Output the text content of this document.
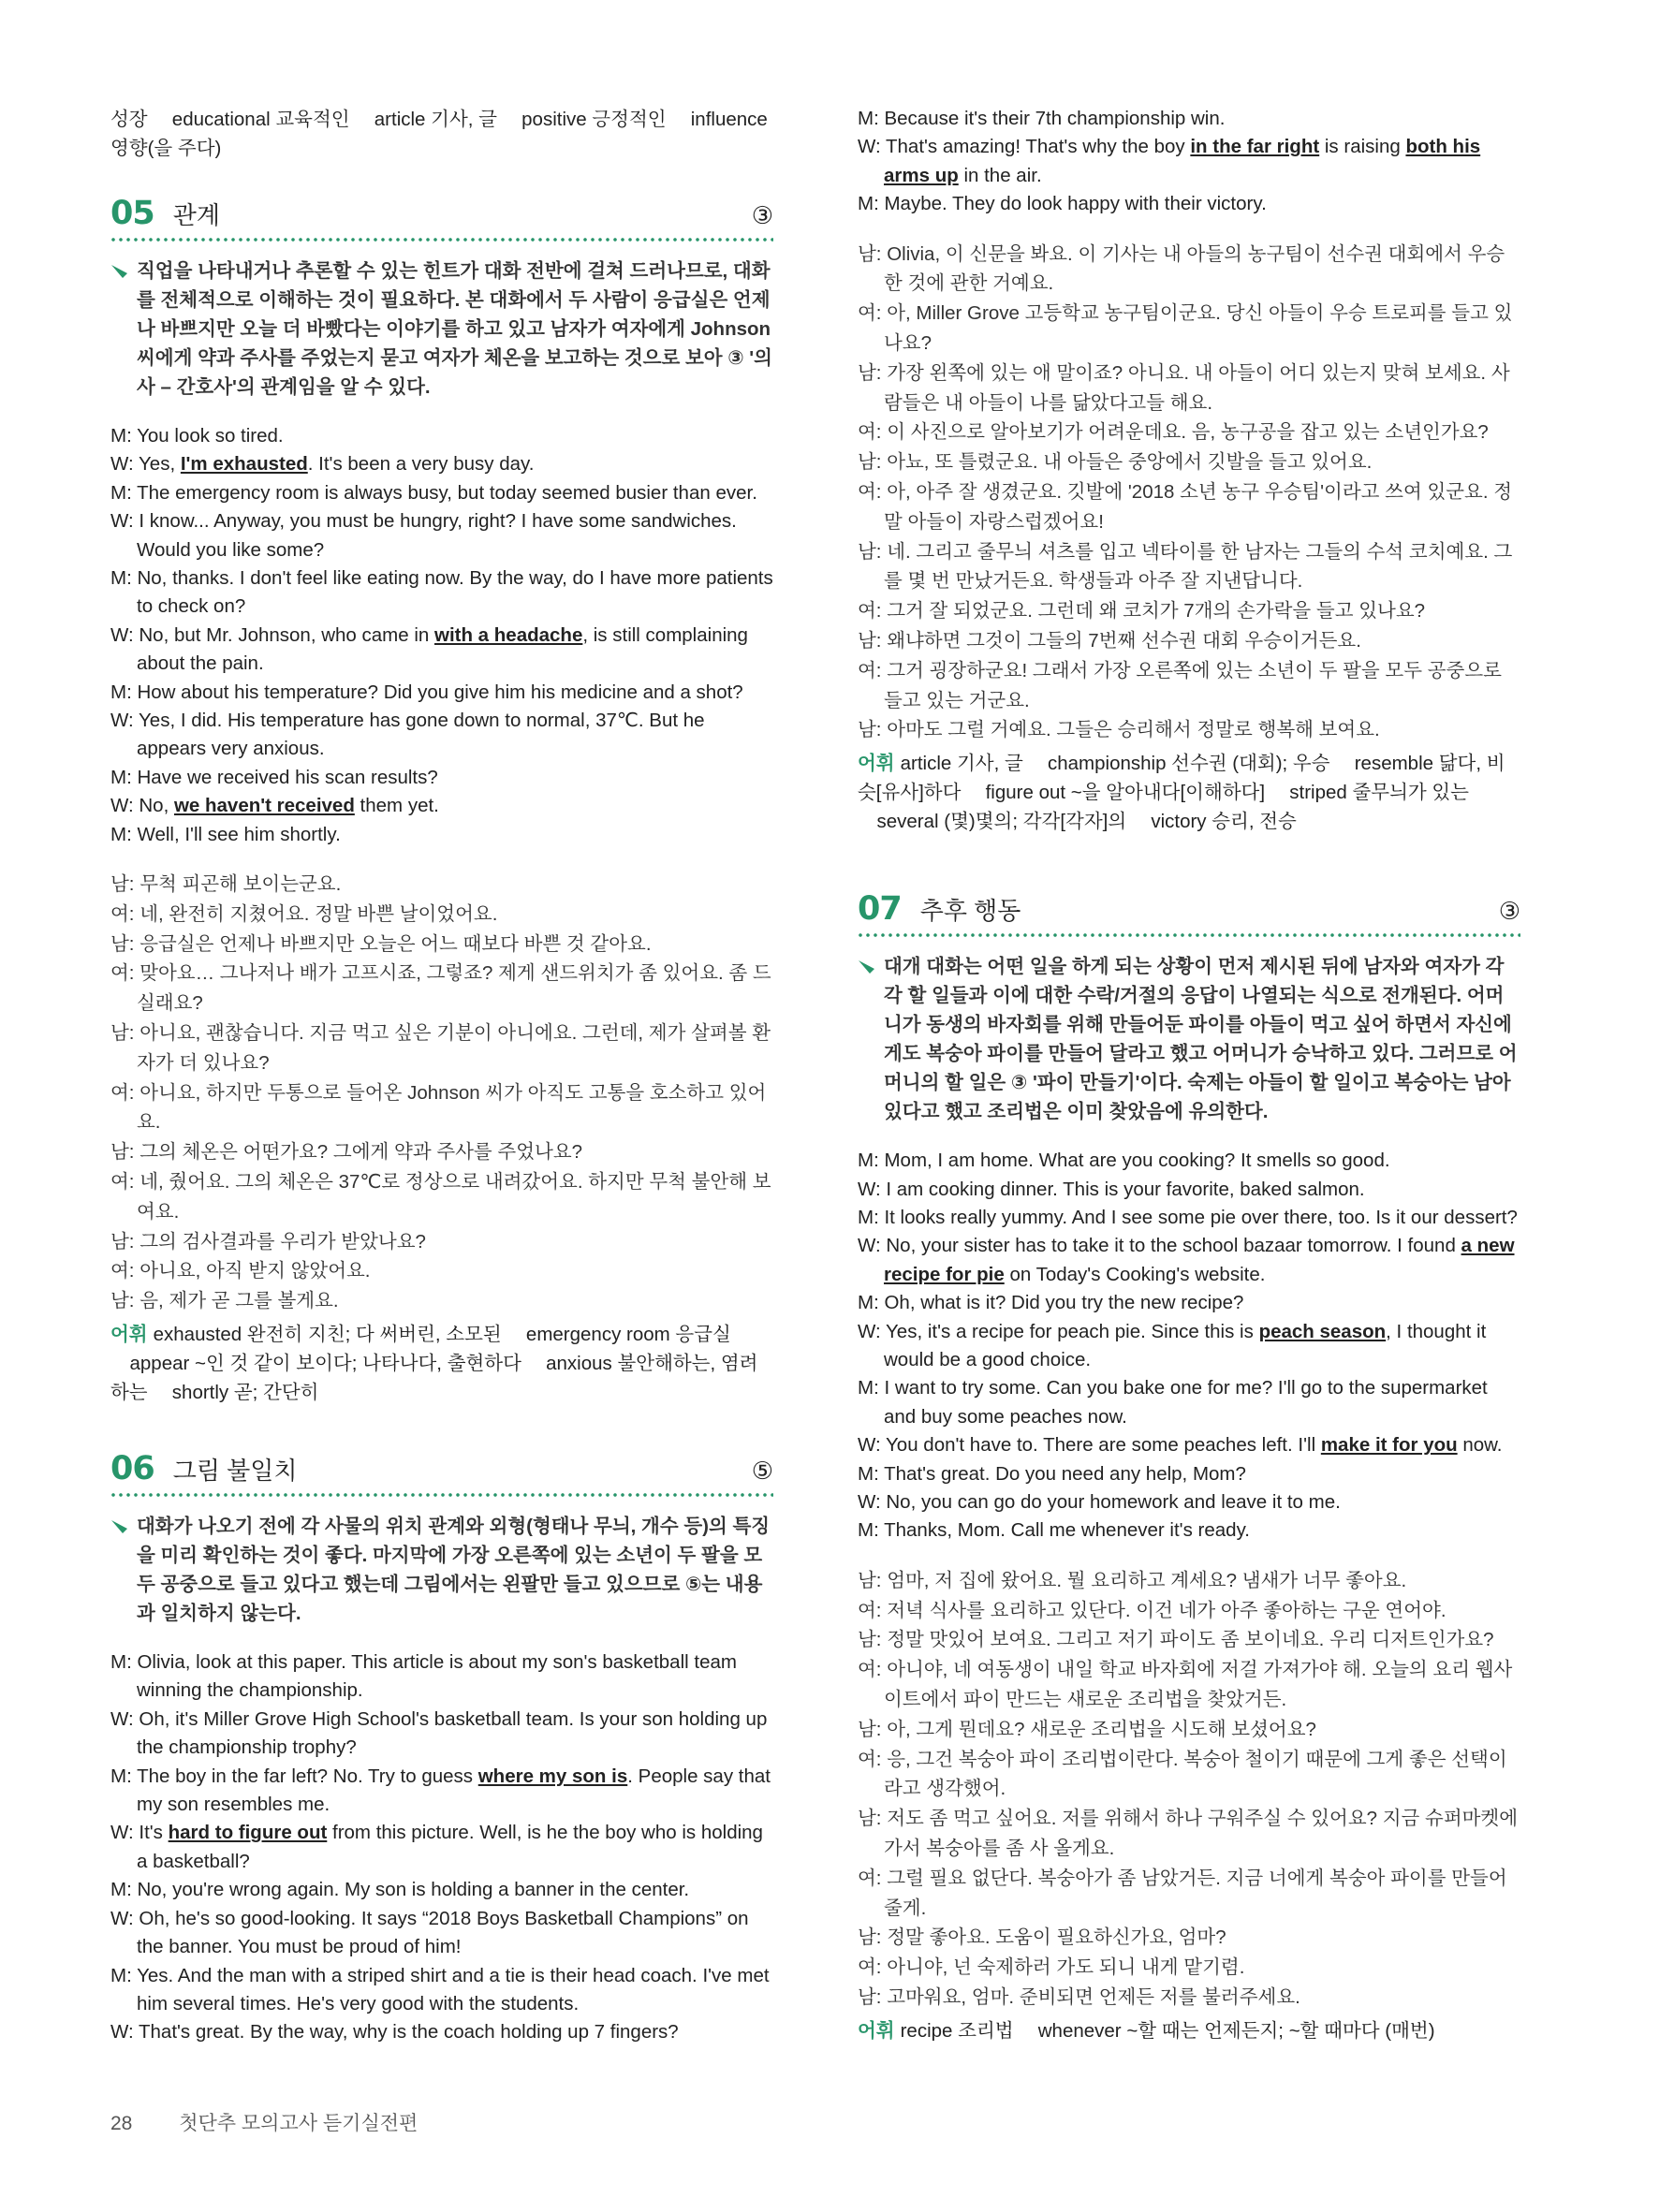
성장 　educational 교육적인 　article 기사, 글 　positive 긍정적인 　influence 영향(을 주다)

05 관계	③

직업을 나타내거나 추론할 수 있는 힌트가 대화 전반에 걸쳐 드러나므로, 대화를 전체적으로 이해하는 것이 필요하다. 본 대화에서 두 사람이 응급실은 언제나 바쁘지만 오늘 더 바빴다는 이야기를 하고 있고 남자가 여자에게 Johnson 씨에게 약과 주사를 주었는지 묻고 여자가 체온을 보고하는 것으로 보아 ③ '의사 – 간호사'의 관계임을 알 수 있다.

M: You look so tired.

W: Yes, I'm exhausted. It's been a very busy day.

M: The emergency room is always busy, but today seemed busier than ever.

W: I know... Anyway, you must be hungry, right? I have some sandwiches. Would you like some?

M: No, thanks. I don't feel like eating now. By the way, do I have more patients to check on?

W: No, but Mr. Johnson, who came in with a headache, is still complaining about the pain.

M: How about his temperature? Did you give him his medicine and a shot?

W: Yes, I did. His temperature has gone down to normal, 37℃. But he appears very anxious.

M: Have we received his scan results?

W: No, we haven't received them yet.

M: Well, I'll see him shortly.

남: 무척 피곤해 보이는군요.

여: 네, 완전히 지쳤어요. 정말 바쁜 날이었어요.

남: 응급실은 언제나 바쁘지만 오늘은 어느 때보다 바쁜 것 같아요.

여: 맞아요… 그나저나 배가 고프시죠, 그렇죠? 제게 샌드위치가 좀 있어요. 좀 드실래요?

남: 아니요, 괜찮습니다. 지금 먹고 싶은 기분이 아니에요. 그런데, 제가 살펴볼 환자가 더 있나요?

여: 아니요, 하지만 두통으로 들어온 Johnson 씨가 아직도 고통을 호소하고 있어요.

남: 그의 체온은 어떤가요? 그에게 약과 주사를 주었나요?

여: 네, 줬어요. 그의 체온은 37℃로 정상으로 내려갔어요. 하지만 무척 불안해 보여요.

남: 그의 검사결과를 우리가 받았나요?

여: 아니요, 아직 받지 않았어요.

남: 음, 제가 곧 그를 볼게요.

어휘 exhausted 완전히 지친; 다 써버린, 소모된 　emergency room 응급실 　appear ~인 것 같이 보이다; 나타나다, 출현하다 　anxious 불안해하는, 염려하는 　shortly 곧; 간단히

06 그림 불일치	⑤

대화가 나오기 전에 각 사물의 위치 관계와 외형(형태나 무늬, 개수 등)의 특징을 미리 확인하는 것이 좋다. 마지막에 가장 오른쪽에 있는 소년이 두 팔을 모두 공중으로 들고 있다고 했는데 그림에서는 왼팔만 들고 있으므로 ⑤는 내용과 일치하지 않는다.

M: Olivia, look at this paper. This article is about my son's basketball team winning the championship.

W: Oh, it's Miller Grove High School's basketball team. Is your son holding up the championship trophy?

M: The boy in the far left? No. Try to guess where my son is. People say that my son resembles me.

W: It's hard to figure out from this picture. Well, is he the boy who is holding a basketball?

M: No, you're wrong again. My son is holding a banner in the center.

W: Oh, he's so good-looking. It says “2018 Boys Basketball Champions” on the banner. You must be proud of him!

M: Yes. And the man with a striped shirt and a tie is their head coach. I've met him several times. He's very good with the students.

W: That's great. By the way, why is the coach holding up 7 fingers?

M: Because it's their 7th championship win.

W: That's amazing! That's why the boy in the far right is raising both his arms up in the air.

M: Maybe. They do look happy with their victory.

남: Olivia, 이 신문을 봐요. 이 기사는 내 아들의 농구팀이 선수권 대회에서 우승한 것에 관한 거예요.

여: 아, Miller Grove 고등학교 농구팀이군요. 당신 아들이 우승 트로피를 들고 있나요?

남: 가장 왼쪽에 있는 애 말이죠? 아니요. 내 아들이 어디 있는지 맞혀 보세요. 사람들은 내 아들이 나를 닮았다고들 해요.

여: 이 사진으로 알아보기가 어려운데요. 음, 농구공을 잡고 있는 소년인가요?

남: 아뇨, 또 틀렸군요. 내 아들은 중앙에서 깃발을 들고 있어요.

여: 아, 아주 잘 생겼군요. 깃발에 '2018 소년 농구 우승팀'이라고 쓰여 있군요. 정말 아들이 자랑스럽겠어요!

남: 네. 그리고 줄무늬 셔츠를 입고 넥타이를 한 남자는 그들의 수석 코치예요. 그를 몇 번 만났거든요. 학생들과 아주 잘 지낸답니다.

여: 그거 잘 되었군요. 그런데 왜 코치가 7개의 손가락을 들고 있나요?

남: 왜냐하면 그것이 그들의 7번째 선수권 대회 우승이거든요.

여: 그거 굉장하군요! 그래서 가장 오른쪽에 있는 소년이 두 팔을 모두 공중으로 들고 있는 거군요.

남: 아마도 그럴 거예요. 그들은 승리해서 정말로 행복해 보여요.

어휘 article 기사, 글 　championship 선수권 (대회); 우승 　resemble 닮다, 비슷[유사]하다 　figure out ~을 알아내다[이해하다] 　striped 줄무늬가 있는 　several (몇)몇의; 각각[각자]의 　victory 승리, 전승

07 추후 행동	③

대개 대화는 어떤 일을 하게 되는 상황이 먼저 제시된 뒤에 남자와 여자가 각각 할 일들과 이에 대한 수락/거절의 응답이 나열되는 식으로 전개된다. 어머니가 동생의 바자회를 위해 만들어둔 파이를 아들이 먹고 싶어 하면서 자신에게도 복숭아 파이를 만들어 달라고 했고 어머니가 승낙하고 있다. 그러므로 어머니의 할 일은 ③ '파이 만들기'이다. 숙제는 아들이 할 일이고 복숭아는 남아 있다고 했고 조리법은 이미 찾았음에 유의한다.

M: Mom, I am home. What are you cooking? It smells so good.

W: I am cooking dinner. This is your favorite, baked salmon.

M: It looks really yummy. And I see some pie over there, too. Is it our dessert?

W: No, your sister has to take it to the school bazaar tomorrow. I found a new recipe for pie on Today's Cooking's website.

M: Oh, what is it? Did you try the new recipe?

W: Yes, it's a recipe for peach pie. Since this is peach season, I thought it would be a good choice.

M: I want to try some. Can you bake one for me? I'll go to the supermarket and buy some peaches now.

W: You don't have to. There are some peaches left. I'll make it for you now.

M: That's great. Do you need any help, Mom?

W: No, you can go do your homework and leave it to me.

M: Thanks, Mom. Call me whenever it's ready.

남: 엄마, 저 집에 왔어요. 뭘 요리하고 계세요? 냄새가 너무 좋아요.

여: 저녁 식사를 요리하고 있단다. 이건 네가 아주 좋아하는 구운 연어야.

남: 정말 맛있어 보여요. 그리고 저기 파이도 좀 보이네요. 우리 디저트인가요?

여: 아니야, 네 여동생이 내일 학교 바자회에 저걸 가져가야 해. 오늘의 요리 웹사이트에서 파이 만드는 새로운 조리법을 찾았거든.

남: 아, 그게 뭔데요? 새로운 조리법을 시도해 보셨어요?

여: 응, 그건 복숭아 파이 조리법이란다. 복숭아 철이기 때문에 그게 좋은 선택이라고 생각했어.

남: 저도 좀 먹고 싶어요. 저를 위해서 하나 구워주실 수 있어요? 지금 슈퍼마켓에 가서 복숭아를 좀 사 올게요.

여: 그럴 필요 없단다. 복숭아가 좀 남았거든. 지금 너에게 복숭아 파이를 만들어줄게.

남: 정말 좋아요. 도움이 필요하신가요, 엄마?

여: 아니야, 넌 숙제하러 가도 되니 내게 맡기렴.

남: 고마워요, 엄마. 준비되면 언제든 저를 불러주세요.

어휘 recipe 조리법 　whenever ~할 때는 언제든지; ~할 때마다 (매번)

28 첫단추 모의고사 듣기실전편
